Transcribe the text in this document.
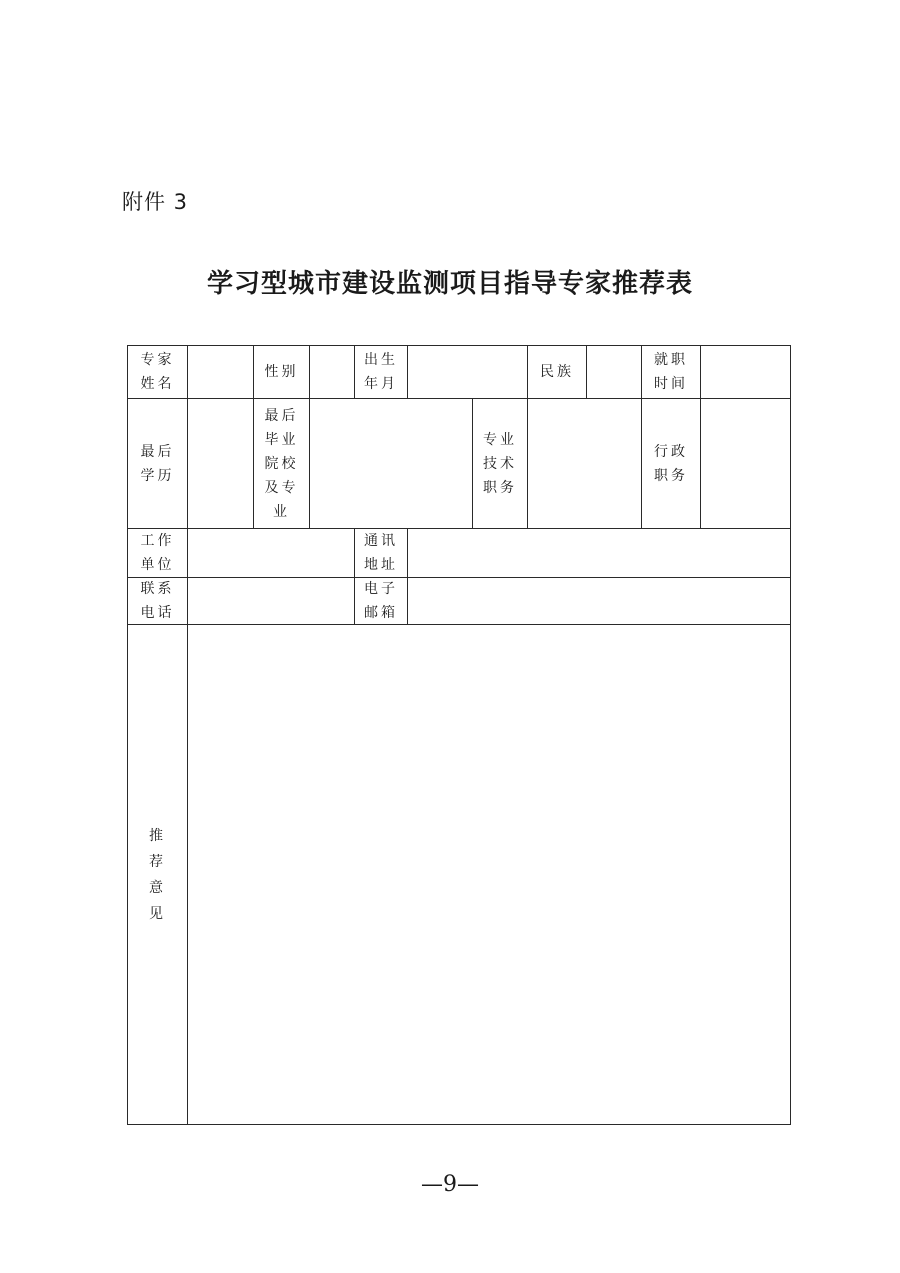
附件 3
学习型城市建设监测项目指导专家推荐表
专家
姓名
性别
出生
年月
民族
就职
时间
最后
学历
最后
毕业
院校
及专
业
专业
技术
职务
行政
职务
工作
单位
通讯
地址
联系
电话
电子
邮箱
推
荐
意
见
—9—
